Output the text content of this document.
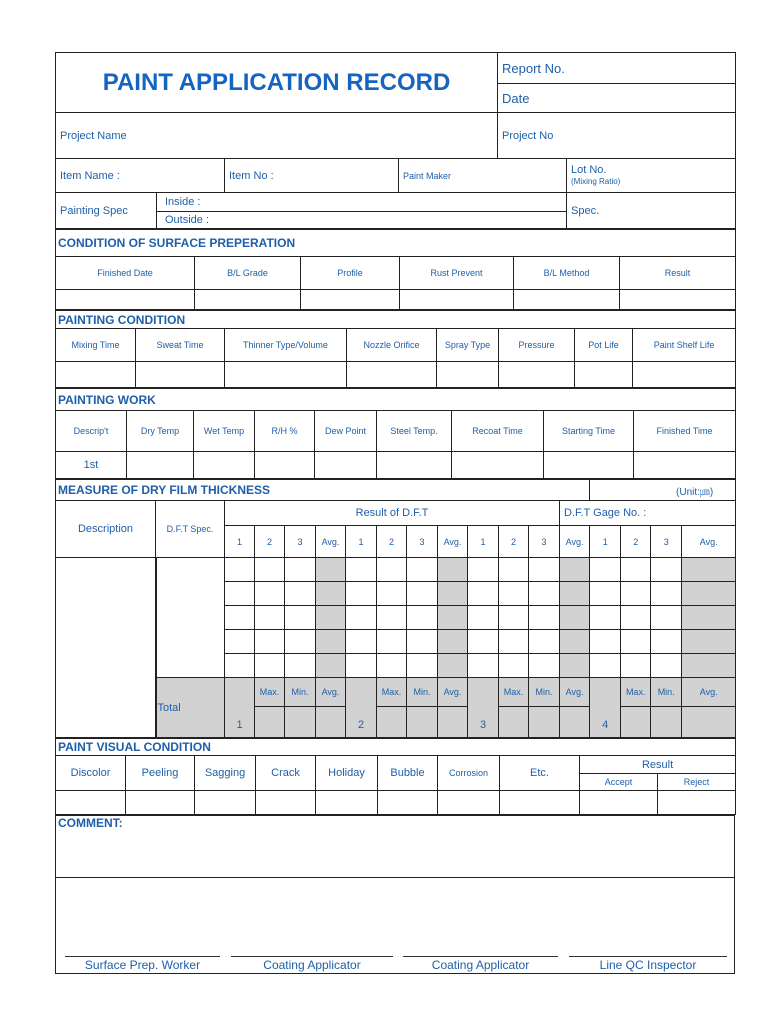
PAINT APPLICATION RECORD				Report No.	
				Date	
Project Name				Project No	
Item Name :		Item No :	Paint Maker		Lot No.
(Mixing Ratio)
Painting Spec	Inside :				Spec.
	Outside :				
CONDITION OF SURFACE PREPERATION					
Finished Date	B/L Grade	Profile	Rust Prevent	B/L Method	Result

PAINTING CONDITION							
Mixing Time	Sweat Time	Thinner Type/Volume	Nozzle Orifice	Spray Type	Pressure	Pot Life	Paint Shelf Life

PAINTING WORK								
Descrip't	Dry Temp	Wet Temp	R/H %	Dew Point	Steel Temp.	Recoat Time	Starting Time	Finished Time
1st								
MEASURE OF DRY FILM THICKNESS														(Unit:㎛)			
Description	D.F.T Spec.	Result of D.F.T											D.F.T Gage No. :				
		1	2	3	Avg.	1	2	3	Avg.	1	2	3	Avg.	1	2	3	Avg.

	Total	1	Max.	Min.	Avg.	2	Max.	Min.	Avg.	3	Max.	Min.	Avg.	4	Max.	Min.	Avg.

PAINT VISUAL CONDITION									
Discolor	Peeling	Sagging	Crack	Holiday	Bubble	Corrosion	Etc.	Result	
								Accept	Reject

COMMENT:

Surface Prep. Worker	Coating Applicator	Coating Applicator	Line QC Inspector
